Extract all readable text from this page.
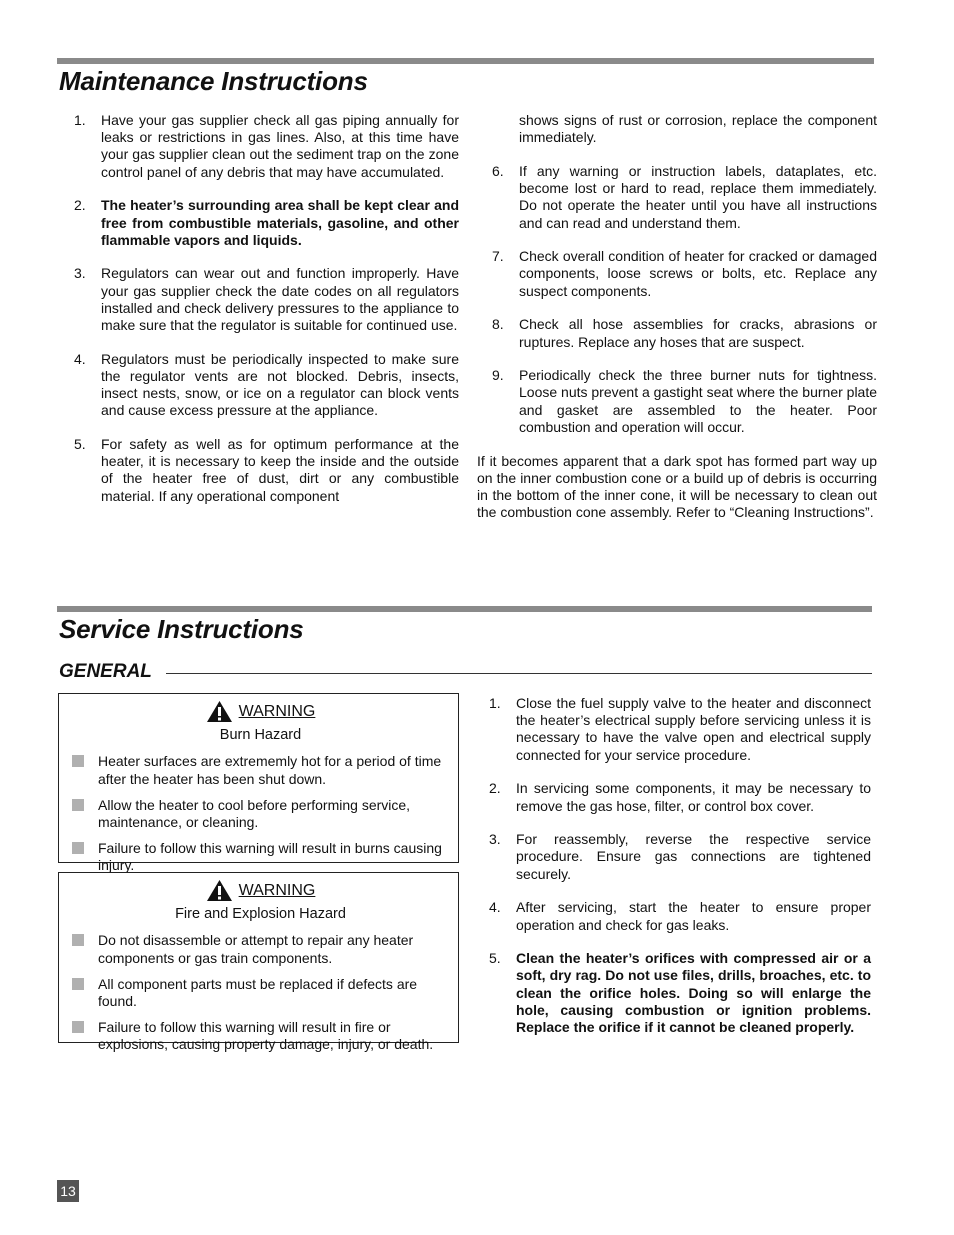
Maintenance Instructions
1. Have your gas supplier check all gas piping annually for leaks or restrictions in gas lines. Also, at this time have your gas supplier clean out the sediment trap on the zone control panel of any debris that may have accumulated.
2. The heater’s surrounding area shall be kept clear and free from combustible materials, gasoline, and other flammable vapors and liquids.
3. Regulators can wear out and function improperly. Have your gas supplier check the date codes on all regulators installed and check delivery pressures to the appliance to make sure that the regulator is suitable for continued use.
4. Regulators must be periodically inspected to make sure the regulator vents are not blocked. Debris, insects, insect nests, snow, or ice on a regulator can block vents and cause excess pressure at the appliance.
5. For safety as well as for optimum performance at the heater, it is necessary to keep the inside and the outside of the heater free of dust, dirt or any combustible material. If any operational component
shows signs of rust or corrosion, replace the component immediately.
6. If any warning or instruction labels, dataplates, etc. become lost or hard to read, replace them immediately. Do not operate the heater until you have all instructions and can read and understand them.
7. Check overall condition of heater for cracked or damaged components, loose screws or bolts, etc. Replace any suspect components.
8. Check all hose assemblies for cracks, abrasions or ruptures. Replace any hoses that are suspect.
9. Periodically check the three burner nuts for tightness. Loose nuts prevent a gastight seat where the burner plate and gasket are assembled to the heater. Poor combustion and operation will occur.

If it becomes apparent that a dark spot has formed part way up on the inner combustion cone or a build up of debris is occurring in the bottom of the inner cone, it will be necessary to clean out the combustion cone assembly. Refer to “Cleaning Instructions”.

Service Instructions
GENERAL
WARNING
Burn Hazard
Heater surfaces are extrememly hot for a period of time after the heater has been shut down.
Allow the heater to cool before performing service, maintenance, or cleaning.
Failure to follow this warning will result in burns causing injury.
WARNING
Fire and Explosion Hazard
Do not disassemble or attempt to repair any heater components or gas train components.
All component parts must be replaced if defects are found.
Failure to follow this warning will result in fire or explosions, causing property damage, injury, or death.
1. Close the fuel supply valve to the heater and disconnect the heater’s electrical supply before servicing unless it is necessary to have the valve open and electrical supply connected for your service procedure.
2. In servicing some components, it may be necessary to remove the gas hose, filter, or control box cover.
3. For reassembly, reverse the respective service procedure. Ensure gas connections are tightened securely.
4. After servicing, start the heater to ensure proper operation and check for gas leaks.
5. Clean the heater’s orifices with compressed air or a soft, dry rag. Do not use files, drills, broaches, etc. to clean the orifice holes. Doing so will enlarge the hole, causing combustion or ignition problems. Replace the orifice if it cannot be cleaned properly.
13
